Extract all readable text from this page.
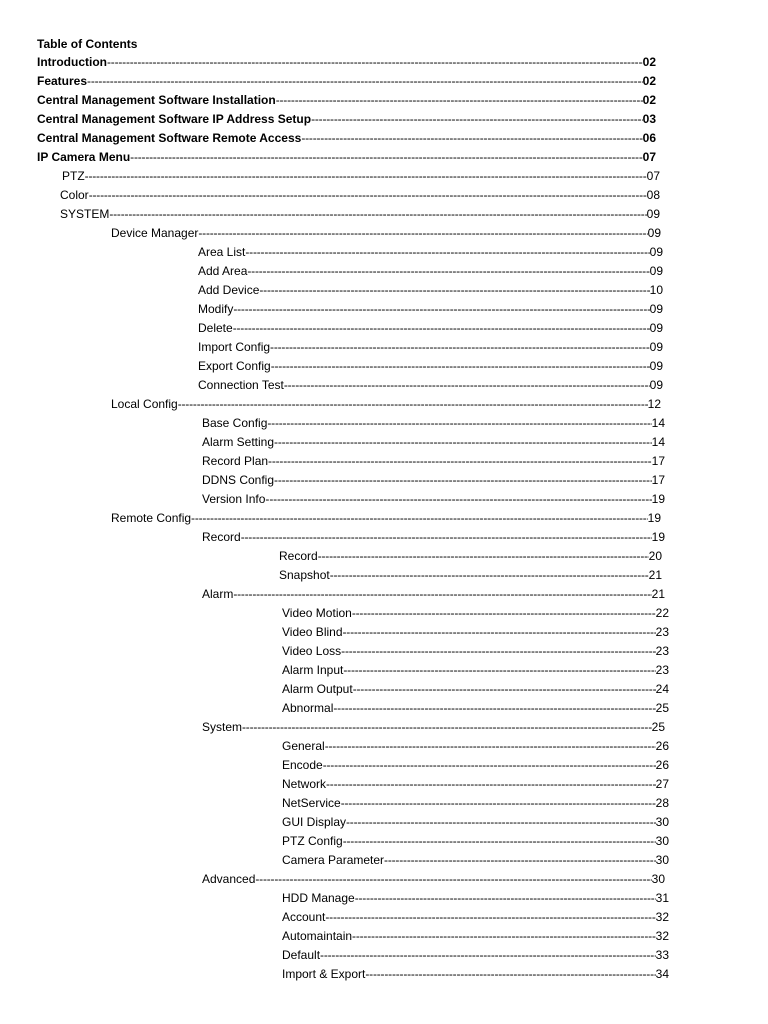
Table of Contents
Introduction -----	02
Features -----	02
Central Management Software Installation -----	02
Central Management Software IP Address Setup -----	03
Central Management Software Remote Access -----	06
IP Camera Menu -----	07
PTZ -----	07
Color -----	08
SYSTEM -----	09
Device Manager -----	09
Area List -----	09
Add Area -----	09
Add Device -----	10
Modify -----	09
Delete -----	09
Import Config -----	09
Export Config -----	09
Connection Test -----	09
Local Config -----	12
Base Config -----	14
Alarm Setting -----	14
Record Plan -----	17
DDNS Config -----	17
Version Info- -----	19
Remote Config -----	19
Record -----	19
Record -----	20
Snapshot -----	21
Alarm -----	21
Video Motion -----	22
Video Blind -----	23
Video Loss -----	23
Alarm Input -----	23
Alarm Output -----	24
Abnormal -----	25
System -----	25
General -----	26
Encode -----	26
Network -----	27
NetService -----	28
GUI Display -----	30
PTZ Config -----	30
Camera Parameter -----	30
Advanced -----	30
HDD Manage -----	31
Account -----	32
Automaintain -----	32
Default -----	33
Import & Export -----	34
